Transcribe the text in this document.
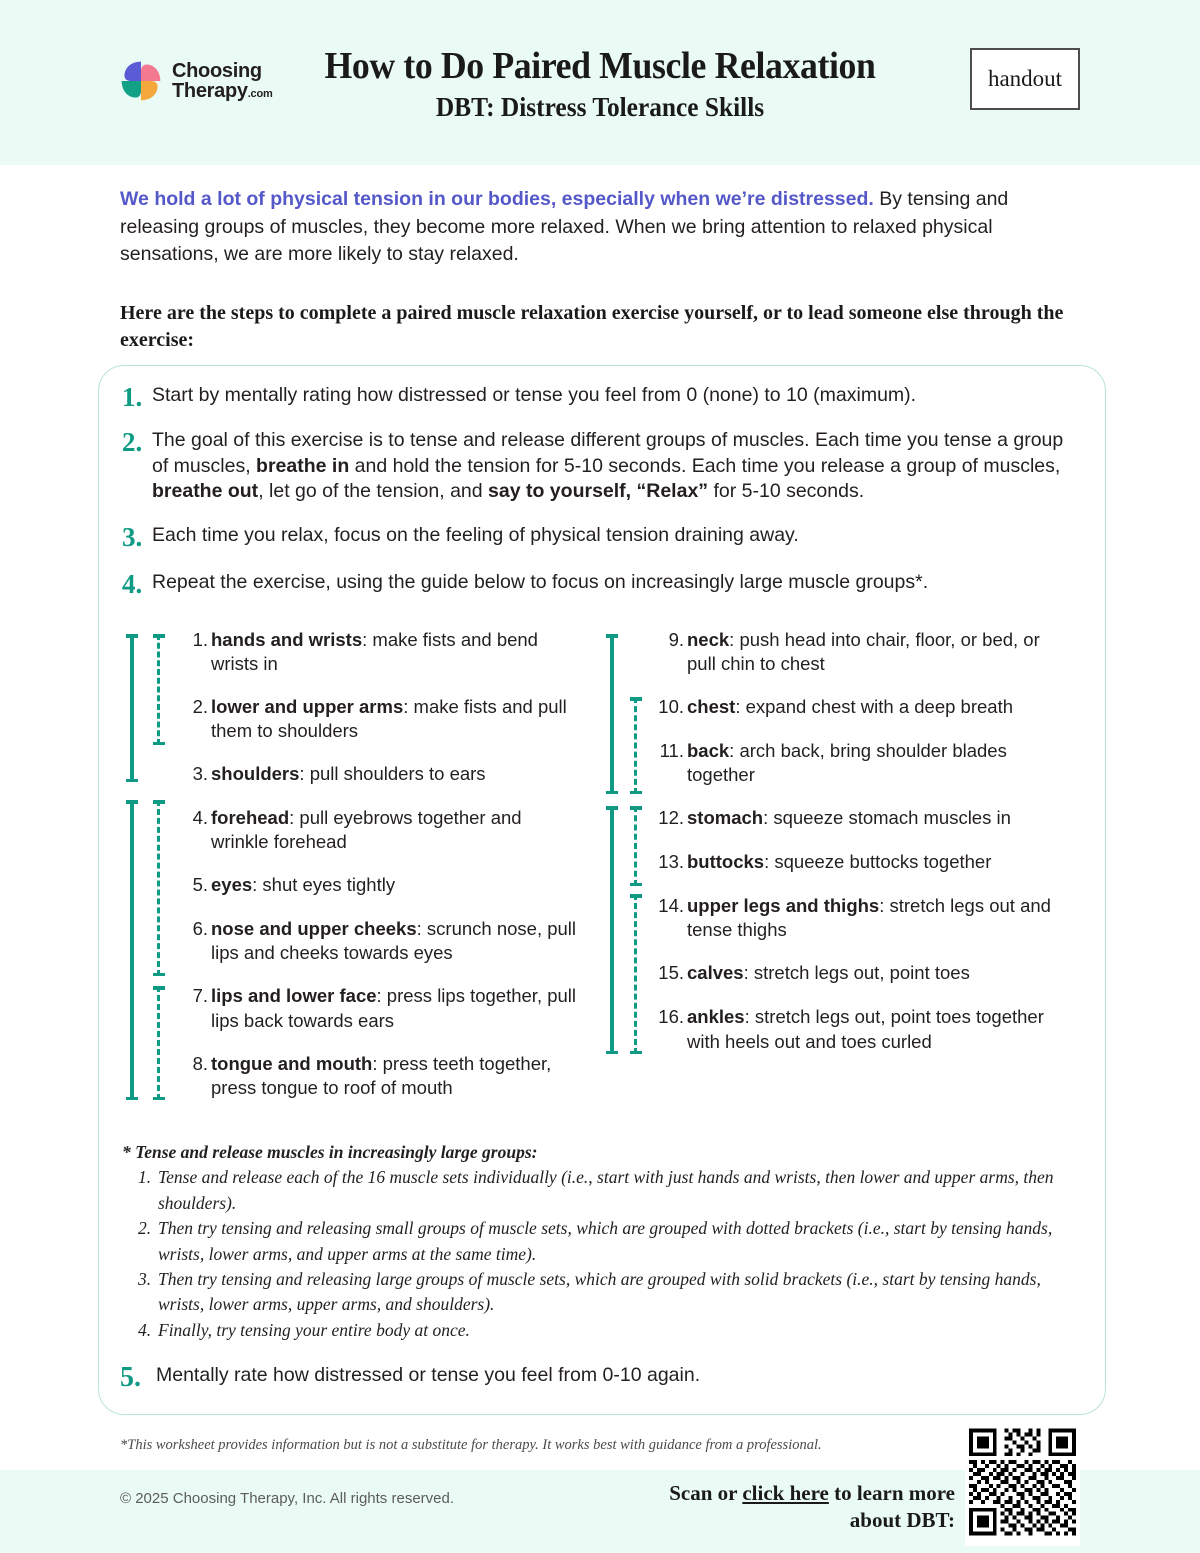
Choosing
Therapy.com
How to Do Paired Muscle Relaxation
DBT: Distress Tolerance Skills
handout
We hold a lot of physical tension in our bodies, especially when we’re distressed. By tensing and releasing groups of muscles, they become more relaxed. When we bring attention to relaxed physical sensations, we are more likely to stay relaxed.
Here are the steps to complete a paired muscle relaxation exercise yourself, or to lead someone else through the exercise:
1. Start by mentally rating how distressed or tense you feel from 0 (none) to 10 (maximum).
2. The goal of this exercise is to tense and release different groups of muscles. Each time you tense a group of muscles, breathe in and hold the tension for 5-10 seconds. Each time you release a group of muscles, breathe out, let go of the tension, and say to yourself, “Relax” for 5-10 seconds.
3. Each time you relax, focus on the feeling of physical tension draining away.
4. Repeat the exercise, using the guide below to focus on increasingly large muscle groups*.
1. hands and wrists: make fists and bend wrists in
2. lower and upper arms: make fists and pull them to shoulders
3. shoulders: pull shoulders to ears
4. forehead: pull eyebrows together and wrinkle forehead
5. eyes: shut eyes tightly
6. nose and upper cheeks: scrunch nose, pull lips and cheeks towards eyes
7. lips and lower face: press lips together, pull lips back towards ears
8. tongue and mouth: press teeth together, press tongue to roof of mouth
9. neck: push head into chair, floor, or bed, or pull chin to chest
10. chest: expand chest with a deep breath
11. back: arch back, bring shoulder blades together
12. stomach: squeeze stomach muscles in
13. buttocks: squeeze buttocks together
14. upper legs and thighs: stretch legs out and tense thighs
15. calves: stretch legs out, point toes
16. ankles: stretch legs out, point toes together with heels out and toes curled
* Tense and release muscles in increasingly large groups:
Tense and release each of the 16 muscle sets individually (i.e., start with just hands and wrists, then lower and upper arms, then shoulders).
Then try tensing and releasing small groups of muscle sets, which are grouped with dotted brackets (i.e., start by tensing hands, wrists, lower arms, and upper arms at the same time).
Then try tensing and releasing large groups of muscle sets, which are grouped with solid brackets (i.e., start by tensing hands, wrists, lower arms, upper arms, and shoulders).
Finally, try tensing your entire body at once.
5. Mentally rate how distressed or tense you feel from 0-10 again.
*This worksheet provides information but is not a substitute for therapy. It works best with guidance from a professional.
© 2025 Choosing Therapy, Inc. All rights reserved.	Scan or click here to learn more
about DBT:
